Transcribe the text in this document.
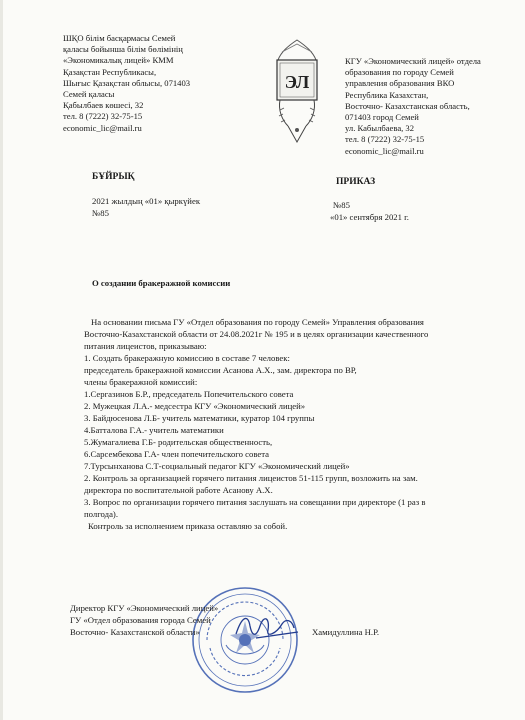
ШҚО білім басқармасы Семей
қаласы бойынша білім бөлімінің
«Экономикалық лицей» КММ
Қазақстан Республикасы,
Шығыс Қазақстан облысы, 071403
Семей қаласы
Қабылбаев көшесі, 32
тел. 8 (7222) 32-75-15
economic_lic@mail.ru
ЭЛ
КГУ «Экономический лицей» отдела
образования по городу Семей
управления образования ВКО
Республика Казахстан,
Восточно- Казахстанская область,
071403 город Семей
ул. Кабылбаева, 32
тел. 8 (7222) 32-75-15
economic_lic@mail.ru
БҰЙРЫҚ	ПРИКАЗ
2021 жылдың «01» қыркүйек
№85
№85
«01» сентября 2021 г.
О создании бракеражной комиссии
На основании письма ГУ «Отдел образования по городу Семей» Управления образования
Восточно-Казахстанской области от 24.08.2021г № 195 и в целях организации качественного
питания лицеистов, приказываю:
1. Создать бракеражную комиссию в составе 7 человек:
председатель бракеражной комиссии Асанова А.Х., зам. директора по ВР,
члены бракеражной комиссий:
1.Сергазинов Б.Р., председатель Попечительского совета
2. Мужецкая Л.А.- медсестра КГУ «Экономический лицей»
3. Байдюсенова Л.Б- учитель математики, куратор 104 группы
4.Батталова Г.А.- учитель математики
5.Жумагалиева Г.Б- родительская общественность,
6.Сарсембекова Г.А- член попечительского совета
7.Турсынханова С.Т-социальный педагог КГУ «Экономический лицей»
2. Контроль за организацией горячего питания лицеистов 51-115 групп, возложить на зам.
директора по воспитательной работе Асанову А.Х.
3. Вопрос по организации горячего питания заслушать на совещании при директоре (1 раз в
полгода).
Контроль за исполнением приказа оставляю за собой.
Директор КГУ «Экономический лицей»
ГУ «Отдел образования города Семей
Восточно- Казахстанской области»	Хамидуллина Н.Р.
